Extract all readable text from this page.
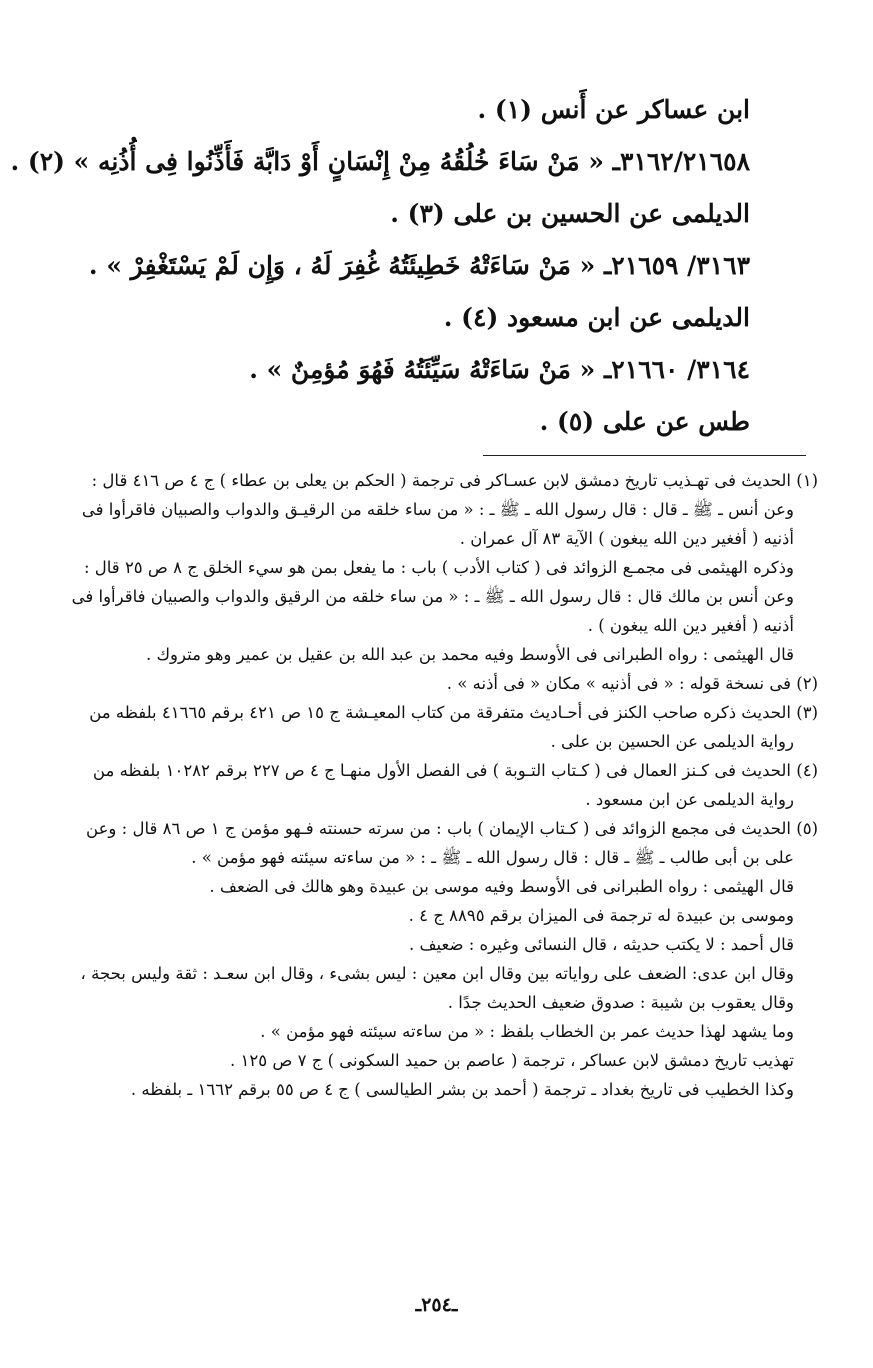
ابن عساكر عن أَنس (١) .
٣١٦٢/٢١٦٥٨ـ « مَنْ سَاءَ خُلُقُهُ مِنْ إِنْسَانٍ أَوْ دَابَّة فَأَذِّنُوا فِى أُذُنِه » (٢) .
الديلمى عن الحسين بن على (٣) .
٣١٦٣/ ٢١٦٥٩ـ « مَنْ سَاءَتْهُ خَطِيئَتُهُ غُفِرَ لَهُ ، وَإِن لَمْ يَسْتَغْفِرْ » .
الديلمى عن ابن مسعود (٤) .
٣١٦٤/ ٢١٦٦٠ـ « مَنْ سَاءَتْهُ سَيِّئَتُهُ فَهُوَ مُؤمِنٌ » .
طس عن على (٥) .
(١) الحديث فى تهـذيب تاريخ دمشق لابن عسـاكر فى ترجمة ( الحكم بن يعلى بن عطاء ) ج ٤ ص ٤١٦ قال :
وعن أنس ـ ﷺ ـ قال : قال رسول الله ـ ﷺ ـ : « من ساء خلقه من الرقيـق والدواب والصبيان فاقرأوا فى
أذنيه ( أفغير دين الله يبغون ) الآية ٨٣ آل عمران .
وذكره الهيثمى فى مجمـع الزوائد فى ( كتاب الأدب ) باب : ما يفعل بمن هو سيء الخلق ج ٨ ص ٢٥ قال :
وعن أنس بن مالك قال : قال رسول الله ـ ﷺ ـ : « من ساء خلقه من الرقيق والدواب والصبيان فاقرأوا فى
أذنيه ( أفغير دين الله يبغون ) .
قال الهيثمى : رواه الطبرانى فى الأوسط وفيه محمد بن عبد الله بن عقيل بن عمير وهو متروك .
(٢) فى نسخة قوله : « فى أذنيه » مكان « فى أذنه » .
(٣) الحديث ذكره صاحب الكنز فى أحـاديث متفرقة من كتاب المعيـشة ج ١٥ ص ٤٢١ برقم ٤١٦٦٥ بلفظه من
رواية الديلمى عن الحسين بن على .
(٤) الحديث فى كـنز العمال فى ( كـتاب التـوبة ) فى الفصل الأول منهـا ج ٤ ص ٢٢٧ برقم ١٠٢٨٢ بلفظه من
رواية الديلمى عن ابن مسعود .
(٥) الحديث فى مجمع الزوائد فى ( كـتاب الإيمان ) باب : من سرته حسنته فـهو مؤمن ج ١ ص ٨٦ قال : وعن
على بن أبى طالب ـ ﷺ ـ قال : قال رسول الله ـ ﷺ ـ : « من ساءته سيئته فهو مؤمن » .
قال الهيثمى : رواه الطبرانى فى الأوسط وفيه موسى بن عبيدة وهو هالك فى الضعف .
وموسى بن عبيدة له ترجمة فى الميزان برقم ٨٨٩٥ ج ٤ .
قال أحمد : لا يكتب حديثه ، قال النسائى وغيره : ضعيف .
وقال ابن عدى: الضعف على رواياته بين وقال ابن معين : ليس بشىء ، وقال ابن سعـد : ثقة وليس بحجة ،
وقال يعقوب بن شيبة : صدوق ضعيف الحديث جدًا .
وما يشهد لهذا حديث عمر بن الخطاب بلفظ : « من ساءته سيئته فهو مؤمن » .
تهذيب تاريخ دمشق لابن عساكر ، ترجمة ( عاصم بن حميد السكونى ) ج ٧ ص ١٢٥ .
وكذا الخطيب فى تاريخ بغداد ـ ترجمة ( أحمد بن بشر الطيالسى ) ج ٤ ص ٥٥ برقم ١٦٦٢ ـ بلفظه .
ـ٢٥٤ـ
